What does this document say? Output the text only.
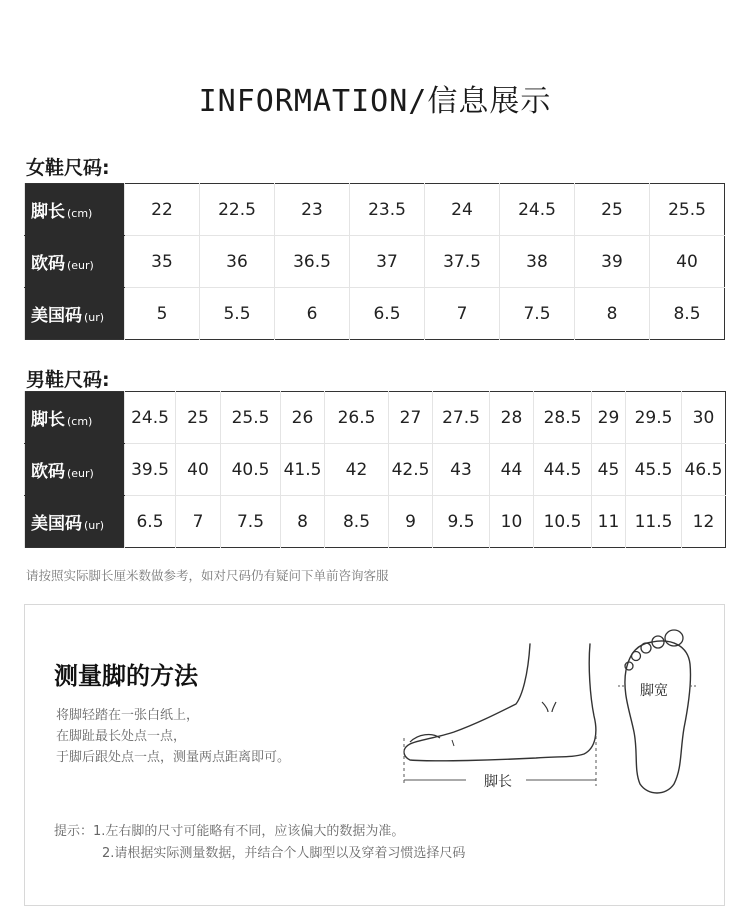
INFORMATION/信息展示
女鞋尺码:
脚长 (cm)	22	22.5	23	23.5	24	24.5	25	25.5
欧码 (eur)	35	36	36.5	37	37.5	38	39	40
美国码 (ur)	5	5.5	6	6.5	7	7.5	8	8.5
男鞋尺码:
脚长 (cm)	24.5	25	25.5	26	26.5	27	27.5	28	28.5	29	29.5	30
欧码 (eur)	39.5	40	40.5	41.5	42	42.5	43	44	44.5	45	45.5	46.5
美国码 (ur)	6.5	7	7.5	8	8.5	9	9.5	10	10.5	11	11.5	12
请按照实际脚长厘米数做参考，如对尺码仍有疑问下单前咨询客服
测量脚的方法
将脚轻踏在一张白纸上，
在脚趾最长处点一点，
于脚后跟处点一点，测量两点距离即可。
脚长
脚宽
提示：1.左右脚的尺寸可能略有不同，应该偏大的数据为准。
2.请根据实际测量数据，并结合个人脚型以及穿着习惯选择尺码
